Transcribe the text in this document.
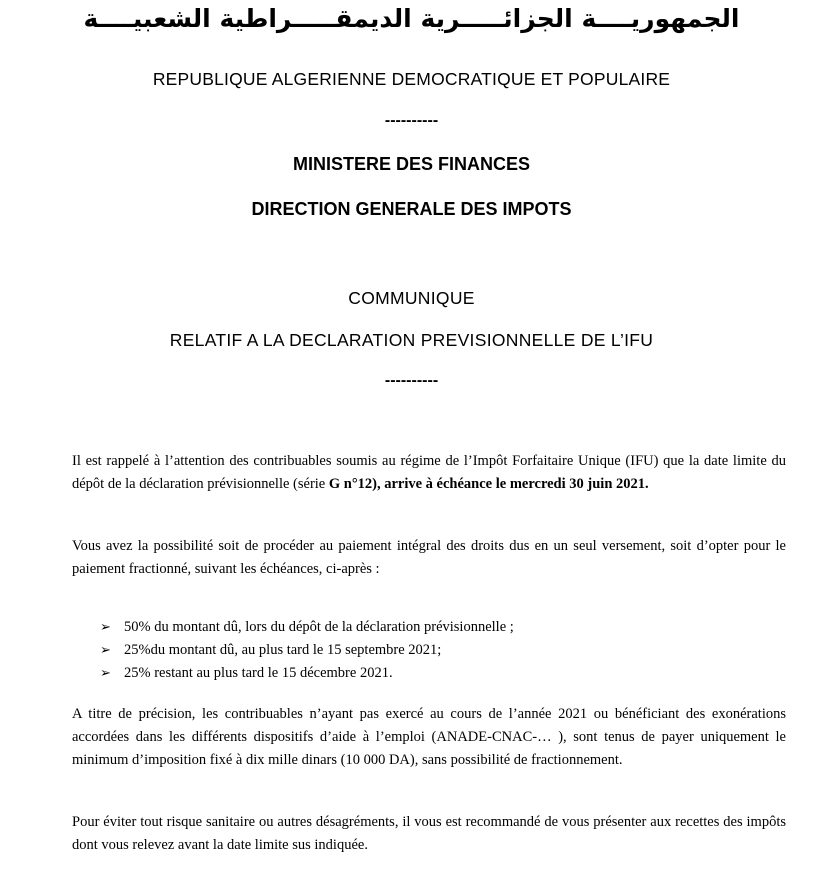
الجمهوريــــة الجزائـــــرية الديمقـــــراطية الشعبيــــة
REPUBLIQUE ALGERIENNE DEMOCRATIQUE ET POPULAIRE
----------
MINISTERE DES FINANCES
DIRECTION GENERALE DES IMPOTS
COMMUNIQUE
RELATIF A LA DECLARATION PREVISIONNELLE DE L’IFU
----------
Il est rappelé à l’attention des contribuables soumis au régime de l’Impôt Forfaitaire Unique (IFU) que la date limite du dépôt de la déclaration prévisionnelle (série G n°12), arrive à échéance le mercredi 30 juin 2021.
Vous avez la possibilité soit de procéder au paiement intégral des droits dus en un seul versement, soit d’opter pour le paiement fractionné, suivant les échéances, ci-après :
➢ 50% du montant dû, lors du dépôt de la déclaration prévisionnelle ;
➢ 25%du montant dû, au plus tard le 15 septembre 2021;
➢ 25% restant au plus tard le 15 décembre 2021.
A titre de précision, les contribuables n’ayant pas exercé au cours de l’année 2021 ou bénéficiant des exonérations accordées dans les différents dispositifs d’aide à l’emploi (ANADE-CNAC-… ), sont tenus de payer uniquement le minimum d’imposition fixé à dix mille dinars (10 000 DA), sans possibilité de fractionnement.
Pour éviter tout risque sanitaire ou autres désagréments, il vous est recommandé de vous présenter aux recettes des impôts dont vous relevez avant la date limite sus indiquée.
